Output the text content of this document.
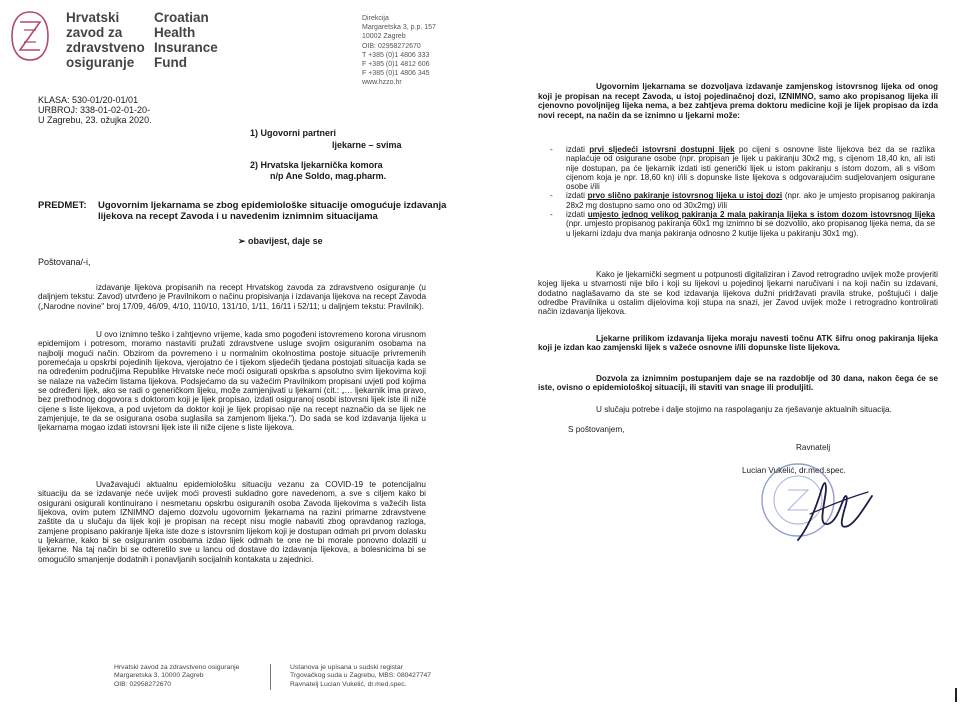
Hrvatski
zavod za
zdravstveno
osiguranje
Croatian
Health
Insurance
Fund
Direkcija
Margaretska 3, p.p. 157
10002 Zagreb
OIB: 02958272670
T +385 (0)1 4806 333
F +385 (0)1 4812 606
F +385 (0)1 4806 345
www.hzzo.hr
KLASA: 530-01/20-01/01
URBROJ: 338-01-02-01-20-
U Zagrebu, 23. ožujka 2020.
1) Ugovorni partneri
ljekarne – svima
2) Hrvatska ljekarnička komora
n/p Ane Soldo, mag.pharm.
PREDMET: Ugovornim ljekarnama se zbog epidemiološke situacije omogućuje izdavanja lijekova na recept Zavoda i u navedenim iznimnim situacijama
➢ obavijest, daje se
Poštovana/-i,
izdavanje lijekova propisanih na recept Hrvatskog zavoda za zdravstveno osiguranje (u daljnjem tekstu: Zavod) utvrđeno je Pravilnikom o načinu propisivanja i izdavanja lijekova na recept Zavoda („Narodne novine" broj 17/09, 46/09, 4/10, 110/10, 131/10, 1/11, 16/11 i 52/11; u daljnjem tekstu: Pravilnik).
U ovo iznimno teško i zahtjevno vrijeme, kada smo pogođeni istovremeno korona virusnom epidemijom i potresom, moramo nastaviti pružati zdravstvene usluge svojim osiguranim osobama na najbolji mogući način. Obzirom da povremeno i u normalnim okolnostima postoje situacije privremenih poremećaja u opskrbi pojedinih lijekova, vjerojatno će i tijekom sljedećih tjedana postojati situacija kada se na određenim područjima Republike Hrvatske neće moći osigurati opskrba s apsolutno svim lijekovima koji se nalaze na važećim listama lijekova. Podsjećamo da su važećim Pravilnikom propisani uvjeti pod kojima se određeni lijek, ako se radi o generičkom lijeku, može zamjenjivati u ljekarni (cit.: „… ljekarnik ima pravo, bez prethodnog dogovora s doktorom koji je lijek propisao, izdati osiguranoj osobi istovrsni lijek iste ili niže cijene s liste lijekova, a pod uvjetom da doktor koji je lijek propisao nije na recept naznačio da se lijek ne zamjenjuje, te da se osigurana osoba suglasila sa zamjenom lijeka."). Do sada se kod izdavanja lijeka u ljekarnama mogao izdati istovrsni lijek iste ili niže cijene s liste lijekova.
Uvažavajući aktualnu epidemiološku situaciju vezanu za COVID-19 te potencijalnu situaciju da se izdavanje neće uvijek moći provesti sukladno gore navedenom, a sve s ciljem kako bi osigurani osigurali kontinuirano i nesmetanu opskrbu osiguranih osoba Zavoda lijekovima s važećih lista lijekova, ovim putem IZNIMNO dajemo dozvolu ugovornim ljekarnama na razini primarne zdravstvene zaštite da u slučaju da lijek koji je propisan na recept nisu mogle nabaviti zbog opravdanog razloga, zamjene propisano pakiranje lijeka iste doze s istovrsnim lijekom koji je dostupan odmah pri prvom dolasku u ljekarne, kako bi se osiguranim osobama izdao lijek odmah te one ne bi morale ponovno dolaziti u ljekarne. Na taj način bi se odteretilo sve u lancu od dostave do izdavanja lijekova, a bolesnicima bi se omogućilo smanjenje dodatnih i ponavljanih socijalnih kontakata u zajednici.
Hrvatski zavod za zdravstveno osiguranje
Margaretska 3, 10000 Zagreb
OIB: 02958272670
Ustanova je upisana u sudski registar
Trgovačkog suda u Zagrebu, MBS: 080427747
Ravnatelj Lucian Vukelić, dr.med.spec.
Ugovornim ljekarnama se dozvoljava izdavanje zamjenskog istovrsnog lijeka od onog koji je propisan na recept Zavoda, u istoj pojedinačnoj dozi, IZNIMNO, samo ako propisanog lijeka ili cjenovno povoljnijeg lijeka nema, a bez zahtjeva prema doktoru medicine koji je lijek propisao da izda novi recept, na način da se iznimno u ljekarni može:
-	izdati prvi sljedeći istovrsni dostupni lijek po cijeni s osnovne liste lijekova bez da se razlika naplaćuje od osigurane osobe (npr. propisan je lijek u pakiranju 30x2 mg, s cijenom 18,40 kn, ali isti nije dostupan, pa će ljekarnik izdati isti generički lijek u istom pakiranju s istom dozom, ali s višom cijenom koja je npr. 18,60 kn) i/ili s dopunske liste lijekova s odgovarajućim sudjelovanjem osigurane osobe i/ili
-	izdati prvo slično pakiranje istovrsnog lijeka u istoj dozi (npr. ako je umjesto propisanog pakiranja 28x2 mg dostupno samo ono od 30x2mg) i/ili
-	izdati umjesto jednog velikog pakiranja 2 mala pakiranja lijeka s istom dozom istovrsnog lijeka (npr. umjesto propisanog pakiranja 60x1 mg iznimno bi se dozvolilo, ako propisanog lijeka nema, da se u ljekarni izdaju dva manja pakiranja odnosno 2 kutije lijeka u pakiranju 30x1 mg).
Kako je ljekarnički segment u potpunosti digitaliziran i Zavod retrogradno uvijek može provjeriti kojeg lijeka u stvarnosti nije bilo i koji su lijekovi u pojedinoj ljekarni naručivani i na koji način su izdavani, dodatno naglašavamo da ste se kod izdavanja lijekova dužni pridržavati pravila struke, poštujući i dalje odredbe Pravilnika u ostalim dijelovima koji stupa na snazi, jer Zavod uvijek može i retrogradno kontrolirati način izdavanja lijekova.
Ljekarne prilikom izdavanja lijeka moraju navesti točnu ATK šifru onog pakiranja lijeka koji je izdan kao zamjenski lijek s važeće osnovne i/ili dopunske liste lijekova.
Dozvola za iznimnim postupanjem daje se na razdoblje od 30 dana, nakon čega će se iste, ovisno o epidemiološkoj situaciji, ili staviti van snage ili produljiti.
U slučaju potrebe i dalje stojimo na raspolaganju za rješavanje aktualnih situacija.
S poštovanjem,
Ravnatelj
Lucian Vukelić, dr.med.spec.
